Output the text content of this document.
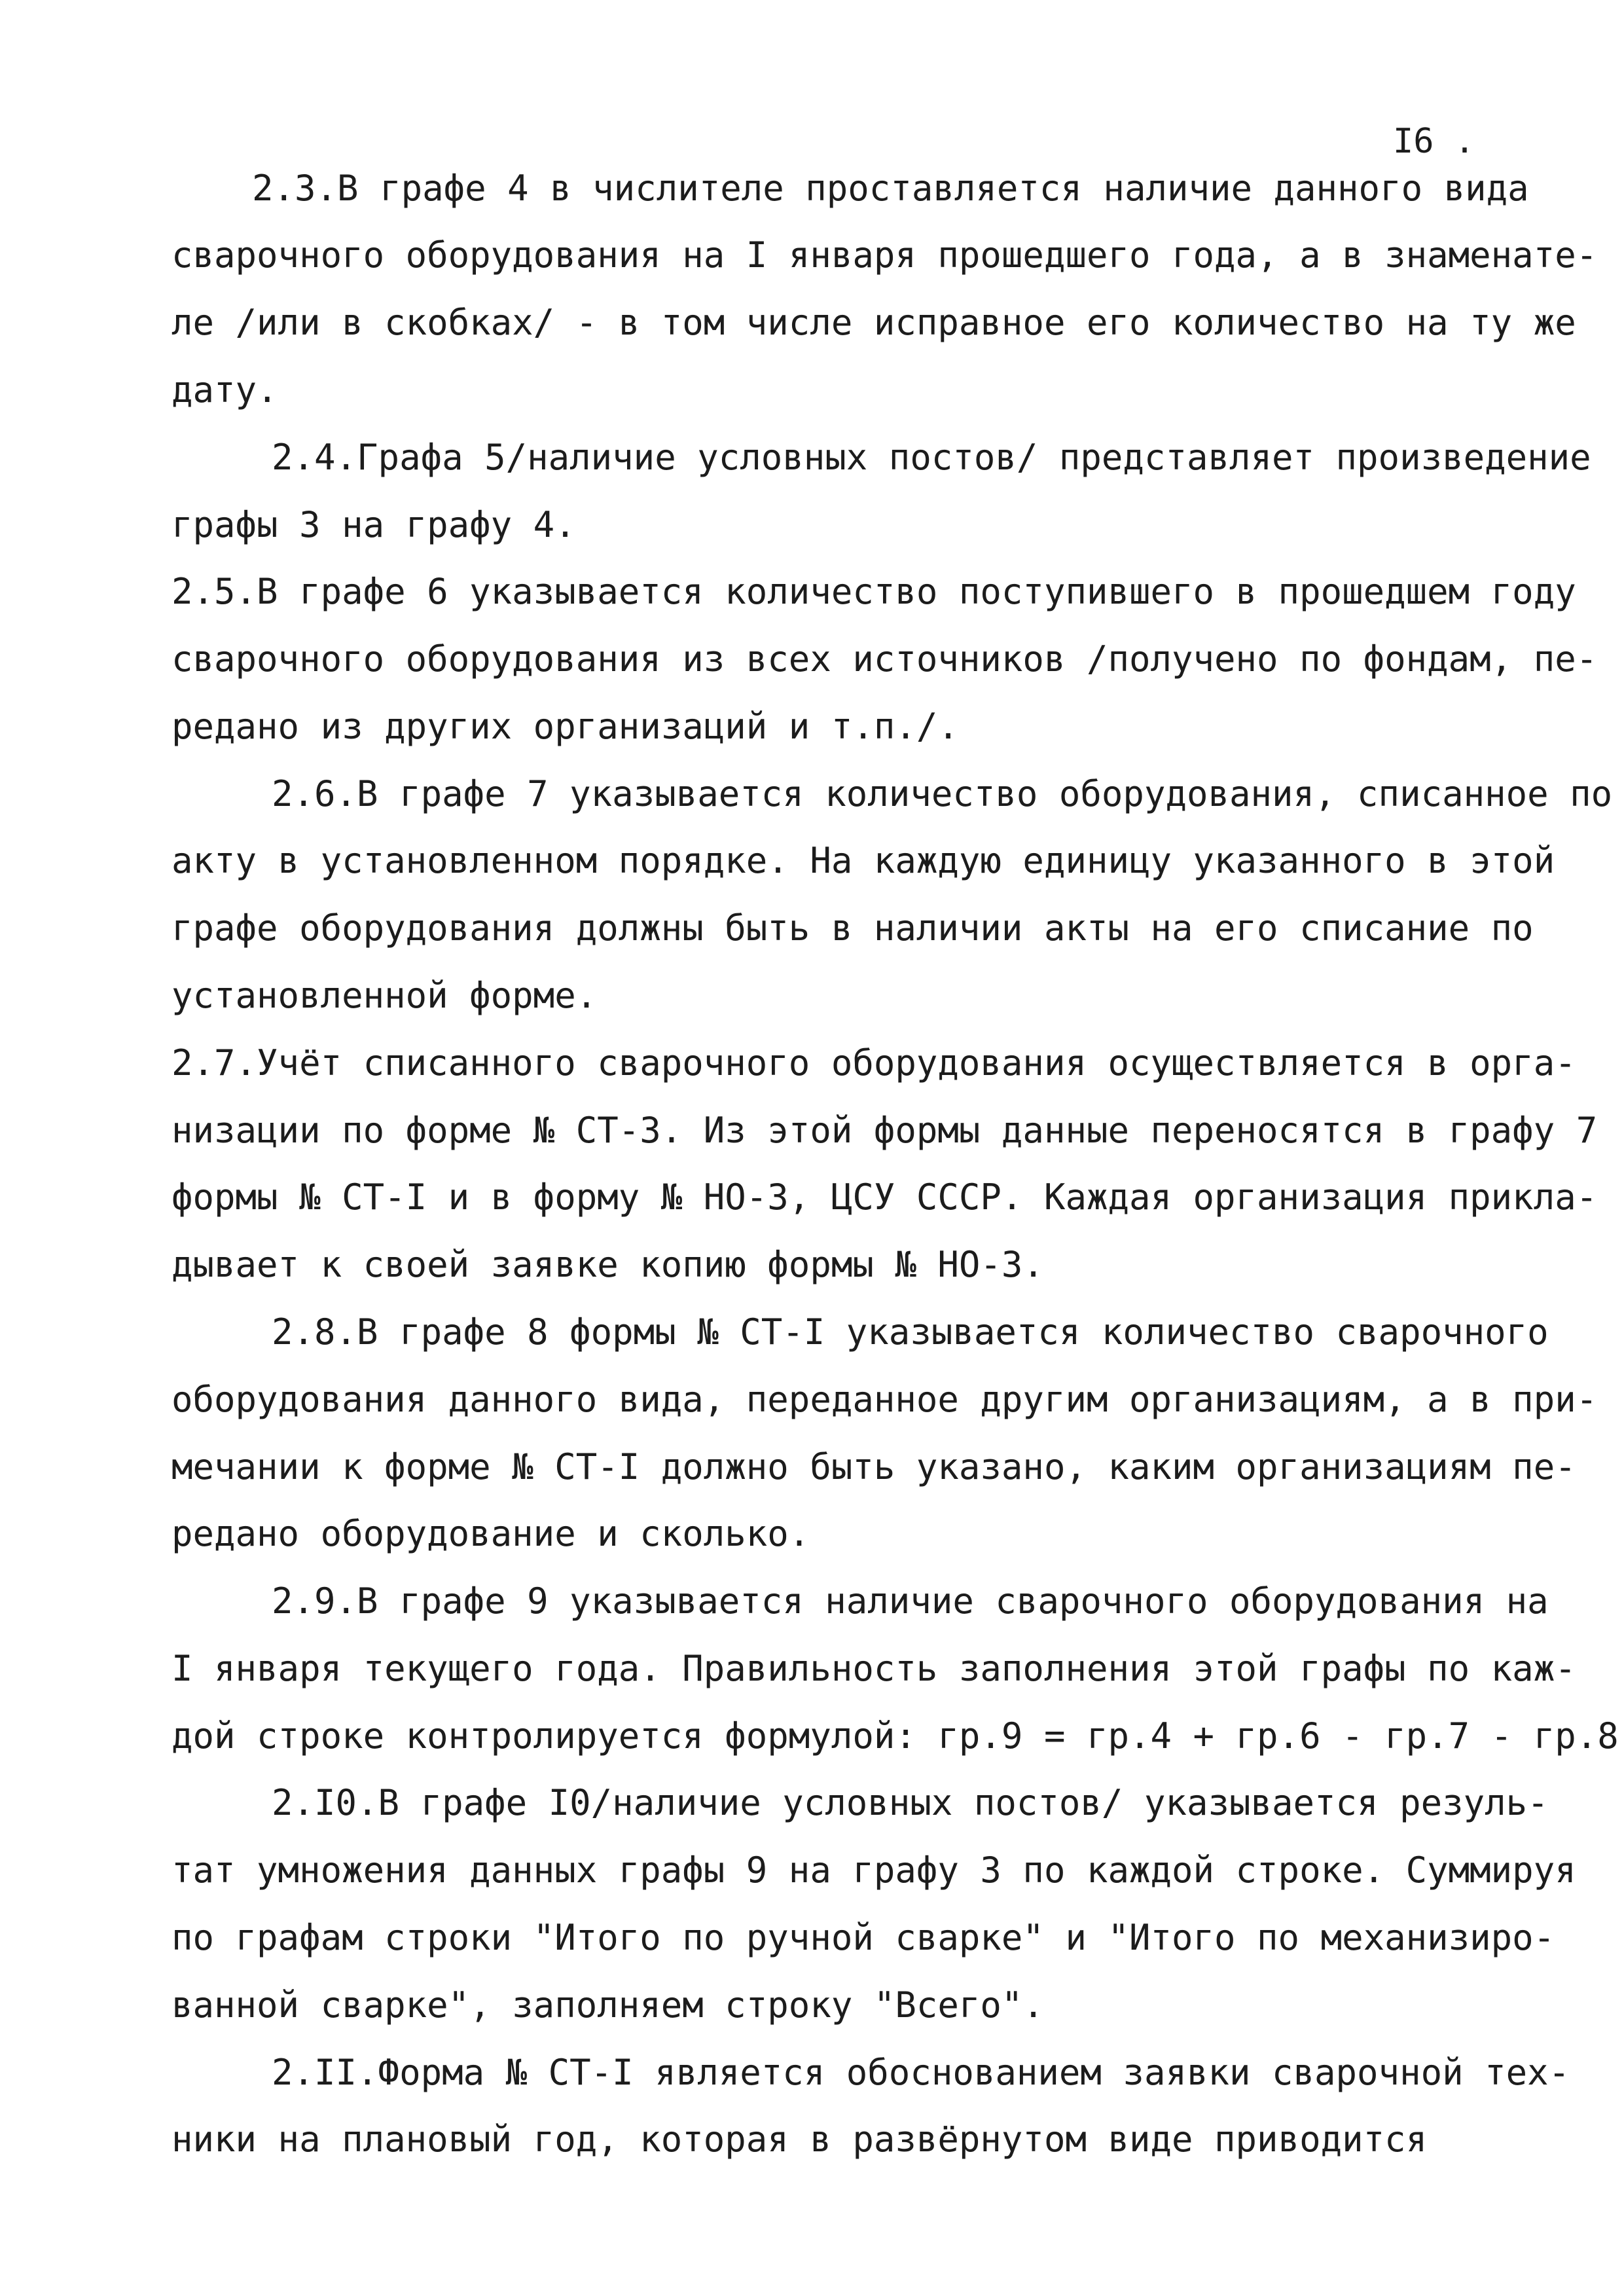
I6 .
2.3.В графе 4 в числителе проставляется наличие данного вида
сварочного оборудования на I января прошедшего года, а в знаменате-
ле /или в скобках/ - в том числе исправное его количество на ту же
дату.
2.4.Графа 5/наличие условных постов/ представляет произведение
графы 3 на графу 4.
2.5.В графе 6 указывается количество поступившего в прошедшем году
сварочного оборудования из всех источников /получено по фондам, пе-
редано из других организаций и т.п./.
2.6.В графе 7 указывается количество оборудования, списанное по
акту в установленном порядке. На каждую единицу указанного в этой
графе оборудования должны быть в наличии акты на его списание по
установленной форме.
2.7.Учёт списанного сварочного оборудования осуществляется в орга-
низации по форме № СТ-3. Из этой формы данные переносятся в графу 7
формы № СТ-I и в форму № НО-3, ЦСУ СССР. Каждая организация прикла-
дывает к своей заявке копию формы № НО-3.
2.8.В графе 8 формы № СТ-I указывается количество сварочного
оборудования данного вида, переданное другим организациям, а в при-
мечании к форме № СТ-I должно быть указано, каким организациям пе-
редано оборудование и сколько.
2.9.В графе 9 указывается наличие сварочного оборудования на
I января текущего года. Правильность заполнения этой графы по каж-
дой строке контролируется формулой: гр.9 = гр.4 + гр.6 - гр.7 - гр.8
2.I0.В графе I0/наличие условных постов/ указывается резуль-
тат умножения данных графы 9 на графу 3 по каждой строке. Суммируя
по графам строки "Итого по ручной сварке" и "Итого по механизиро-
ванной сварке", заполняем строку "Всего".
2.II.Форма № СТ-I является обоснованием заявки сварочной тех-
ники на плановый год, которая в развёрнутом виде приводится
